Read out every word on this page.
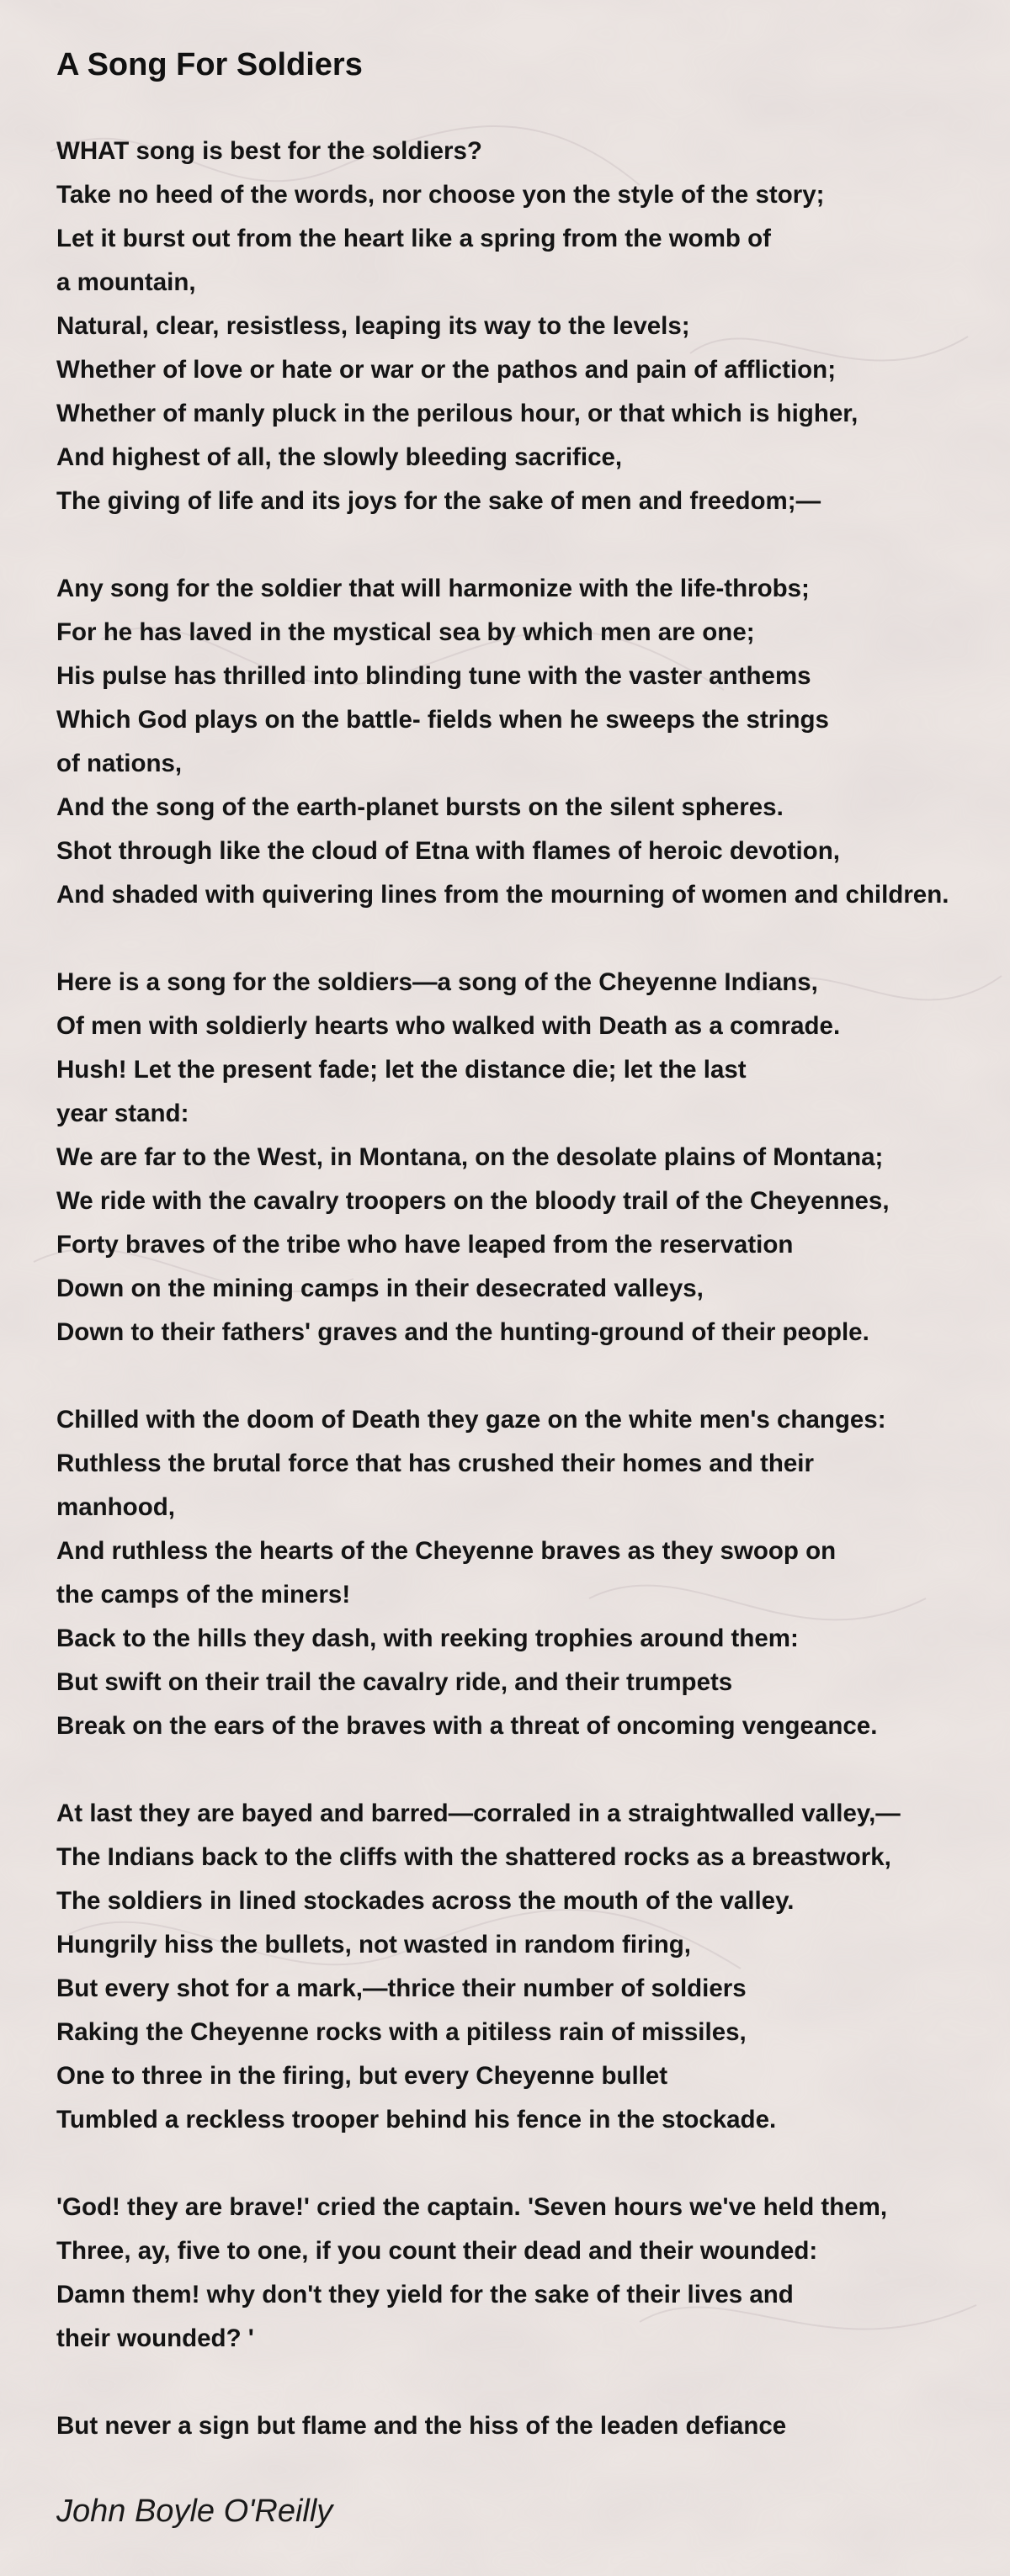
A Song For Soldiers
WHAT song is best for the soldiers?
Take no heed of the words, nor choose yon the style of the story;
Let it burst out from the heart like a spring from the womb of
a mountain,
Natural, clear, resistless, leaping its way to the levels;
Whether of love or hate or war or the pathos and pain of affliction;
Whether of manly pluck in the perilous hour, or that which is higher,
And highest of all, the slowly bleeding sacrifice,
The giving of life and its joys for the sake of men and freedom;—
Any song for the soldier that will harmonize with the life-throbs;
For he has laved in the mystical sea by which men are one;
His pulse has thrilled into blinding tune with the vaster anthems
Which God plays on the battle- fields when he sweeps the strings
of nations,
And the song of the earth-planet bursts on the silent spheres.
Shot through like the cloud of Etna with flames of heroic devotion,
And shaded with quivering lines from the mourning of women and children.
Here is a song for the soldiers—a song of the Cheyenne Indians,
Of men with soldierly hearts who walked with Death as a comrade.
Hush! Let the present fade; let the distance die; let the last
year stand:
We are far to the West, in Montana, on the desolate plains of Montana;
We ride with the cavalry troopers on the bloody trail of the Cheyennes,
Forty braves of the tribe who have leaped from the reservation
Down on the mining camps in their desecrated valleys,
Down to their fathers' graves and the hunting-ground of their people.
Chilled with the doom of Death they gaze on the white men's changes:
Ruthless the brutal force that has crushed their homes and their
manhood,
And ruthless the hearts of the Cheyenne braves as they swoop on
the camps of the miners!
Back to the hills they dash, with reeking trophies around them:
But swift on their trail the cavalry ride, and their trumpets
Break on the ears of the braves with a threat of oncoming vengeance.
At last they are bayed and barred—corraled in a straightwalled valley,—
The Indians back to the cliffs with the shattered rocks as a breastwork,
The soldiers in lined stockades across the mouth of the valley.
Hungrily hiss the bullets, not wasted in random firing,
But every shot for a mark,—thrice their number of soldiers
Raking the Cheyenne rocks with a pitiless rain of missiles,
One to three in the firing, but every Cheyenne bullet
Tumbled a reckless trooper behind his fence in the stockade.
'God! they are brave!' cried the captain. 'Seven hours we've held them,
Three, ay, five to one, if you count their dead and their wounded:
Damn them! why don't they yield for the sake of their lives and
their wounded? '
But never a sign but flame and the hiss of the leaden defiance

John Boyle O'Reilly
